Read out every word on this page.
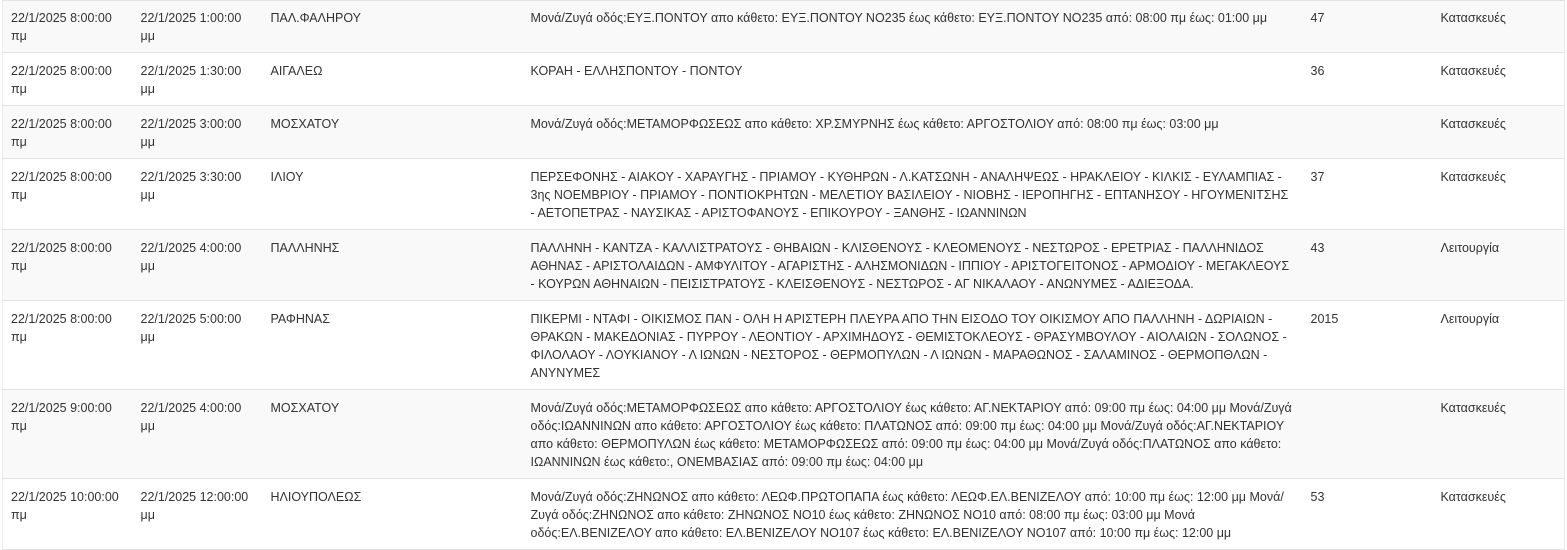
22/1/2025 8:00:00 πμ	22/1/2025 1:00:00 μμ	ΠΑΛ.ΦΑΛΗΡΟΥ	Μονά/Ζυγά οδός:ΕΥΞ.ΠΟΝΤΟΥ απο κάθετο: ΕΥΞ.ΠΟΝΤΟΥ ΝΟ235 έως κάθετο: ΕΥΞ.ΠΟΝΤΟΥ ΝΟ235 από: 08:00 πμ έως: 01:00 μμ	47	Κατασκευές
22/1/2025 8:00:00 πμ	22/1/2025 1:30:00 μμ	ΑΙΓΑΛΕΩ	ΚΟΡΑΗ - ΕΛΛΗΣΠΟΝΤΟΥ - ΠΟΝΤΟΥ	36	Κατασκευές
22/1/2025 8:00:00 πμ	22/1/2025 3:00:00 μμ	ΜΟΣΧΑΤΟΥ	Μονά/Ζυγά οδός:ΜΕΤΑΜΟΡΦΩΣΕΩΣ απο κάθετο: ΧΡ.ΣΜΥΡΝΗΣ έως κάθετο: ΑΡΓΟΣΤΟΛΙΟΥ από: 08:00 πμ έως: 03:00 μμ		Κατασκευές
22/1/2025 8:00:00 πμ	22/1/2025 3:30:00 μμ	ΙΛΙΟΥ	ΠΕΡΣΕΦΟΝΗΣ - ΑΙΑΚΟΥ - ΧΑΡΑΥΓΗΣ - ΠΡΙΑΜΟΥ - ΚΥΘΗΡΩΝ - Λ.ΚΑΤΣΩΝΗ - ΑΝΑΛΗΨΕΩΣ - ΗΡΑΚΛΕΙΟΥ - ΚΙΛΚΙΣ - ΕΥΛΑΜΠΙΑΣ - 3ης ΝΟΕΜΒΡΙΟΥ - ΠΡΙΑΜΟΥ - ΠΟΝΤΙΟΚΡΗΤΩΝ - ΜΕΛΕΤΙΟΥ ΒΑΣΙΛΕΙΟΥ - ΝΙΟΒΗΣ - ΙΕΡΟΠΗΓΗΣ - ΕΠΤΑΝΗΣΟΥ - ΗΓΟΥΜΕΝΙΤΣΗΣ - ΑΕΤΟΠΕΤΡΑΣ - ΝΑΥΣΙΚΑΣ - ΑΡΙΣΤΟΦΑΝΟΥΣ - ΕΠΙΚΟΥΡΟΥ - ΞΑΝΘΗΣ - ΙΩΑΝΝΙΝΩΝ	37	Κατασκευές
22/1/2025 8:00:00 πμ	22/1/2025 4:00:00 μμ	ΠΑΛΛΗΝΗΣ	ΠΑΛΛΗΝΗ - ΚΑΝΤΖΑ - ΚΑΛΛΙΣΤΡΑΤΟΥΣ - ΘΗΒΑΙΩΝ - ΚΛΙΣΘΕΝΟΥΣ - ΚΛΕΟΜΕΝΟΥΣ - ΝΕΣΤΩΡΟΣ - ΕΡΕΤΡΙΑΣ - ΠΑΛΛΗΝΙΔΟΣ ΑΘΗΝΑΣ - ΑΡΙΣΤΟΛΑΙΔΩΝ - ΑΜΦΥΛΙΤΟΥ - ΑΓΑΡΙΣΤΗΣ - ΑΛΗΣΜΟΝΙΔΩΝ - ΙΠΠΙΟΥ - ΑΡΙΣΤΟΓΕΙΤΟΝΟΣ - ΑΡΜΟΔΙΟΥ - ΜΕΓΑΚΛΕΟΥΣ - ΚΟΥΡΩΝ ΑΘΗΝΑΙΩΝ - ΠΕΙΣΙΣΤΡΑΤΟΥΣ - ΚΛΕΙΣΘΕΝΟΥΣ - ΝΕΣΤΩΡΟΣ - ΑΓ ΝΙΚΑΛΑΟΥ - ΑΝΩΝΥΜΕΣ - ΑΔΙΕΞΟΔΑ.	43	Λειτουργία
22/1/2025 8:00:00 πμ	22/1/2025 5:00:00 μμ	ΡΑΦΗΝΑΣ	ΠΙΚΕΡΜΙ - ΝΤΑΦΙ - ΟΙΚΙΣΜΟΣ ΠΑΝ - ΟΛΗ Η ΑΡΙΣΤΕΡΗ ΠΛΕΥΡΑ ΑΠΟ ΤΗΝ ΕΙΣΟΔΟ ΤΟΥ ΟΙΚΙΣΜΟΥ ΑΠΟ ΠΑΛΛΗΝΗ - ΔΩΡΙΑΙΩΝ - ΘΡΑΚΩΝ - ΜΑΚΕΔΟΝΙΑΣ - ΠΥΡΡΟΥ - ΛΕΟΝΤΙΟΥ - ΑΡΧΙΜΗΔΟΥΣ - ΘΕΜΙΣΤΟΚΛΕΟΥΣ - ΘΡΑΣΥΜΒΟΥΛΟΥ - ΑΙΟΛΑΙΩΝ - ΣΟΛΩΝΟΣ - ΦΙΛΟΛΑΟΥ - ΛΟΥΚΙΑΝΟΥ - Λ ΙΩΝΩΝ - ΝΕΣΤΟΡΟΣ - ΘΕΡΜΟΠΥΛΩΝ - Λ ΙΩΝΩΝ - ΜΑΡΑΘΩΝΟΣ - ΣΑΛΑΜΙΝΟΣ - ΘΕΡΜΟΠΘΛΩΝ - ΑΝΥΝΥΜΕΣ	2015	Λειτουργία
22/1/2025 9:00:00 πμ	22/1/2025 4:00:00 μμ	ΜΟΣΧΑΤΟΥ	Μονά/Ζυγά οδός:ΜΕΤΑΜΟΡΦΩΣΕΩΣ απο κάθετο: ΑΡΓΟΣΤΟΛΙΟΥ έως κάθετο: ΑΓ.ΝΕΚΤΑΡΙΟΥ από: 09:00 πμ έως: 04:00 μμ Μονά/Ζυγά οδός:ΙΩΑΝΝΙΝΩΝ απο κάθετο: ΑΡΓΟΣΤΟΛΙΟΥ έως κάθετο: ΠΛΑΤΩΝΟΣ από: 09:00 πμ έως: 04:00 μμ Μονά/Ζυγά οδός:ΑΓ.ΝΕΚΤΑΡΙΟΥ απο κάθετο: ΘΕΡΜΟΠΥΛΩΝ έως κάθετο: ΜΕΤΑΜΟΡΦΩΣΕΩΣ από: 09:00 πμ έως: 04:00 μμ Μονά/Ζυγά οδός:ΠΛΑΤΩΝΟΣ απο κάθετο: ΙΩΑΝΝΙΝΩΝ έως κάθετο:, ΟΝΕΜΒΑΣΙΑΣ από: 09:00 πμ έως: 04:00 μμ		Κατασκευές
22/1/2025 10:00:00 πμ	22/1/2025 12:00:00 μμ	ΗΛΙΟΥΠΟΛΕΩΣ	Μονά/Ζυγά οδός:ΖΗΝΩΝΟΣ απο κάθετο: ΛΕΩΦ.ΠΡΩΤΟΠΑΠΑ έως κάθετο: ΛΕΩΦ.ΕΛ.ΒΕΝΙΖΕΛΟΥ από: 10:00 πμ έως: 12:00 μμ Μονά/Ζυγά οδός:ΖΗΝΩΝΟΣ απο κάθετο: ΖΗΝΩΝΟΣ ΝΟ10 έως κάθετο: ΖΗΝΩΝΟΣ ΝΟ10 από: 08:00 πμ έως: 03:00 μμ Μονά οδός:ΕΛ.ΒΕΝΙΖΕΛΟΥ απο κάθετο: ΕΛ.ΒΕΝΙΖΕΛΟΥ ΝΟ107 έως κάθετο: ΕΛ.ΒΕΝΙΖΕΛΟΥ ΝΟ107 από: 10:00 πμ έως: 12:00 μμ	53	Κατασκευές
